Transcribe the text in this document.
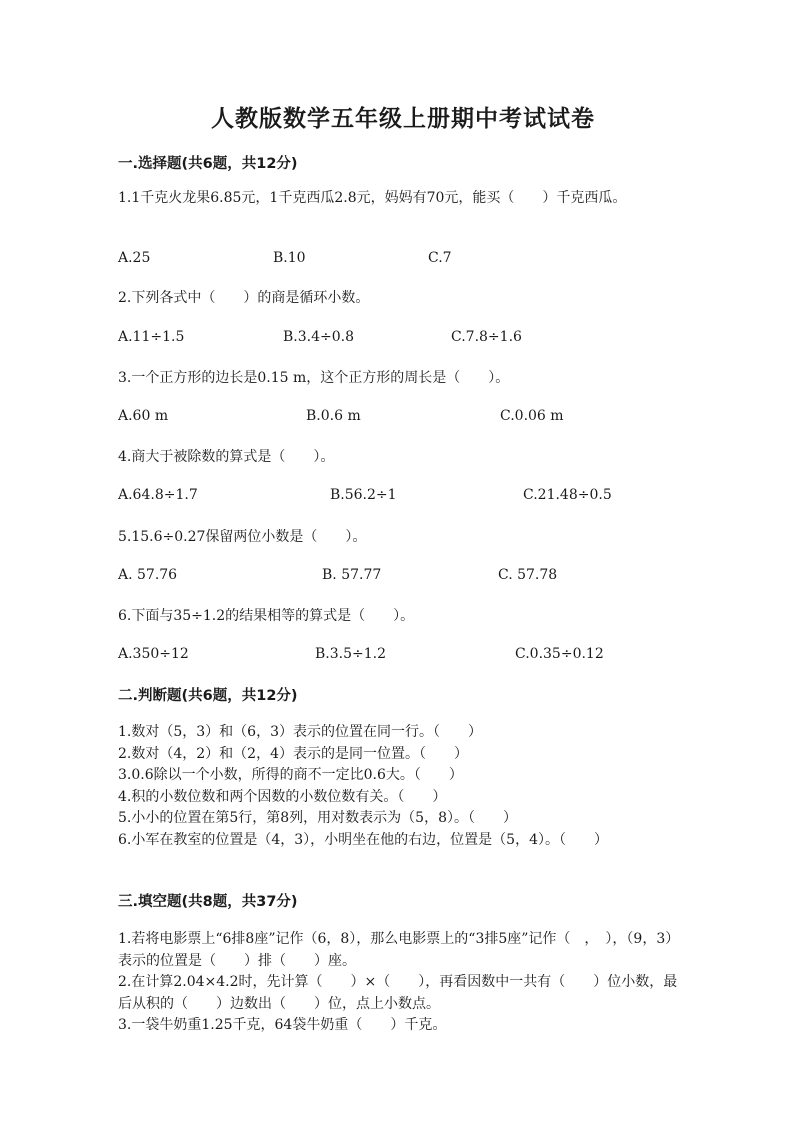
人教版数学五年级上册期中考试试卷
一.选择题(共6题，共12分)
1.1千克火龙果6.85元，1千克西瓜2.8元，妈妈有70元，能买（　　）千克西瓜。
A.25	B.10	C.7
2.下列各式中（　　）的商是循环小数。
A.11÷1.5	B.3.4÷0.8	C.7.8÷1.6
3.一个正方形的边长是0.15 m，这个正方形的周长是（　　）。
A.60 m	B.0.6 m	C.0.06 m
4.商大于被除数的算式是（　　）。
A.64.8÷1.7	B.56.2÷1	C.21.48÷0.5
5.15.6÷0.27保留两位小数是（　　）。
A. 57.76	B. 57.77	C. 57.78
6.下面与35÷1.2的结果相等的算式是（　　）。
A.350÷12	B.3.5÷1.2	C.0.35÷0.12
二.判断题(共6题，共12分)
1.数对（5，3）和（6，3）表示的位置在同一行。（　　）
2.数对（4，2）和（2，4）表示的是同一位置。（　　）
3.0.6除以一个小数，所得的商不一定比0.6大。（　　）
4.积的小数位数和两个因数的小数位数有关。（　　）
5.小小的位置在第5行，第8列，用对数表示为（5，8）。（　　）
6.小军在教室的位置是（4，3），小明坐在他的右边，位置是（5，4）。（　　）
三.填空题(共8题，共37分)
1.若将电影票上“6排8座”记作（6，8），那么电影票上的“3排5座”记作（　，　），（9，3）表示的位置是（　　）排（　　）座。
2.在计算2.04×4.2时，先计算（　　）×（　　），再看因数中一共有（　　）位小数，最后从积的（　　）边数出（　　）位，点上小数点。
3.一袋牛奶重1.25千克，64袋牛奶重（　　）千克。
